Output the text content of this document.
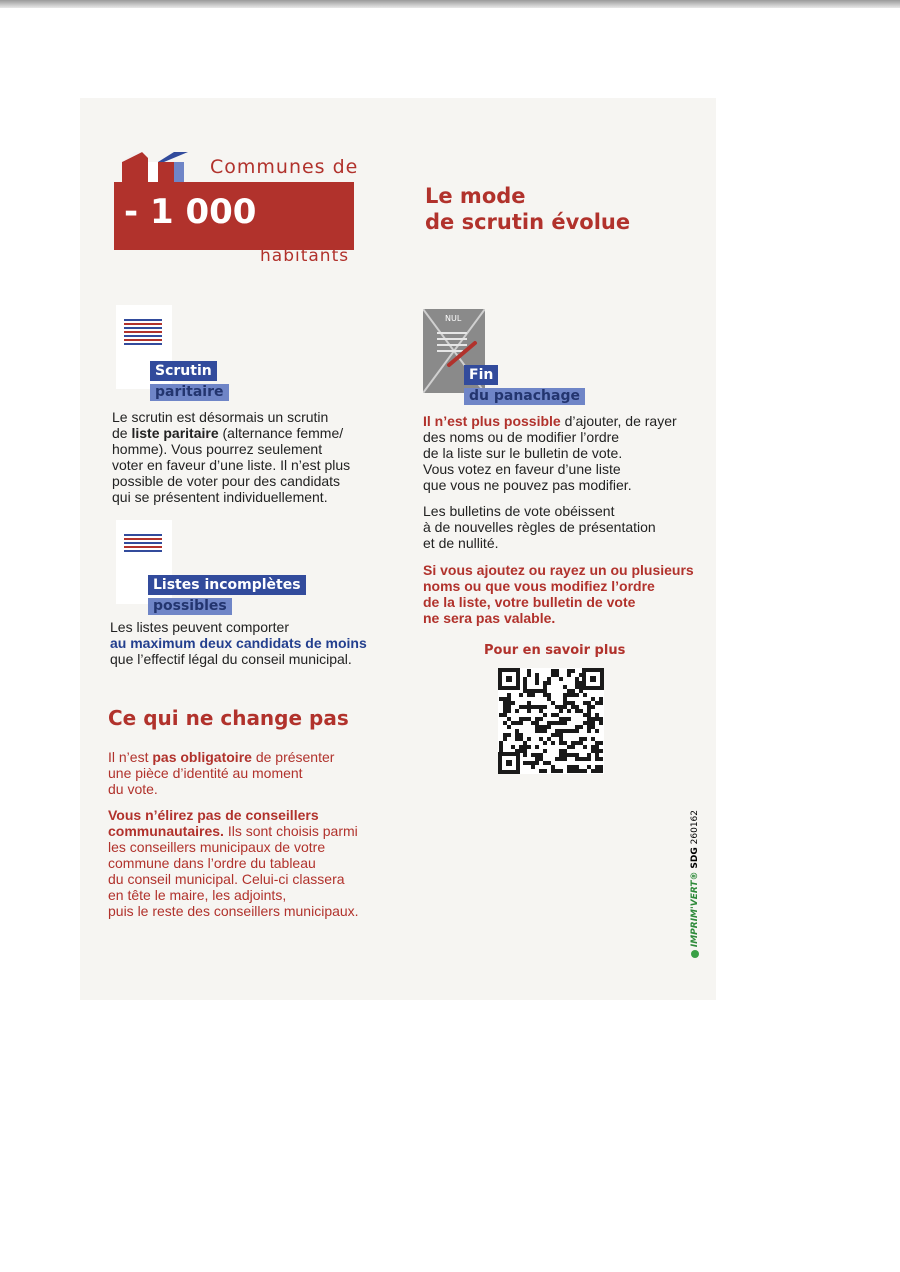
Communes de
- 1 000
habitants
Le mode
de scrutin évolue
Scrutin
paritaire
Le scrutin est désormais un scrutin
de liste paritaire (alternance femme/
homme). Vous pourrez seulement
voter en faveur d’une liste. Il n’est plus
possible de voter pour des candidats
qui se présentent individuellement.
Listes incomplètes
possibles
Les listes peuvent comporter
au maximum deux candidats de moins
que l’effectif légal du conseil municipal.
Ce qui ne change pas
Il n’est pas obligatoire de présenter
une pièce d’identité au moment
du vote.
Vous n’élirez pas de conseillers
communautaires. Ils sont choisis parmi
les conseillers municipaux de votre
commune dans l’ordre du tableau
du conseil municipal. Celui-ci classera
en tête le maire, les adjoints,
puis le reste des conseillers municipaux.
NUL
Fin
du panachage
Il n’est plus possible d’ajouter, de rayer
des noms ou de modifier l’ordre
de la liste sur le bulletin de vote.
Vous votez en faveur d’une liste
que vous ne pouvez pas modifier.
Les bulletins de vote obéissent
à de nouvelles règles de présentation
et de nullité.
Si vous ajoutez ou rayez un ou plusieurs
noms ou que vous modifiez l’ordre
de la liste, votre bulletin de vote
ne sera pas valable.
Pour en savoir plus
IMPRIM'VERT® SDG 260162
